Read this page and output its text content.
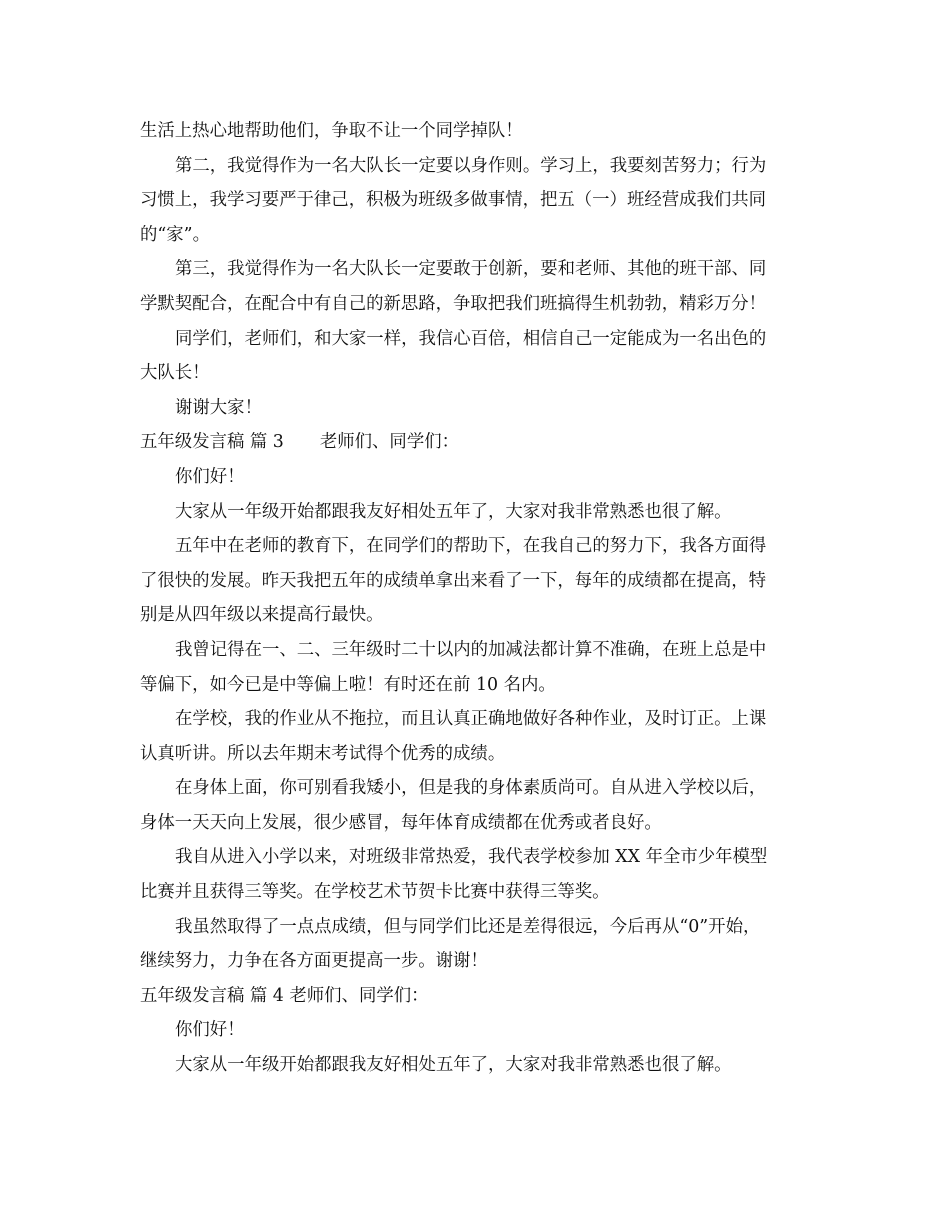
生活上热心地帮助他们，争取不让一个同学掉队！
第二，我觉得作为一名大队长一定要以身作则。学习上，我要刻苦努力；行为
习惯上，我学习要严于律己，积极为班级多做事情，把五（一）班经营成我们共同
的“家”。
第三，我觉得作为一名大队长一定要敢于创新，要和老师、其他的班干部、同
学默契配合，在配合中有自己的新思路，争取把我们班搞得生机勃勃，精彩万分！
同学们，老师们，和大家一样，我信心百倍，相信自己一定能成为一名出色的
大队长！
谢谢大家！
五年级发言稿 篇 3 老师们、同学们：
你们好！
大家从一年级开始都跟我友好相处五年了，大家对我非常熟悉也很了解。
五年中在老师的教育下，在同学们的帮助下，在我自己的努力下，我各方面得
了很快的发展。昨天我把五年的成绩单拿出来看了一下，每年的成绩都在提高，特
别是从四年级以来提高行最快。
我曾记得在一、二、三年级时二十以内的加减法都计算不准确，在班上总是中
等偏下，如今已是中等偏上啦！有时还在前 10 名内。
在学校，我的作业从不拖拉，而且认真正确地做好各种作业，及时订正。上课
认真听讲。所以去年期末考试得个优秀的成绩。
在身体上面，你可别看我矮小，但是我的身体素质尚可。自从进入学校以后，
身体一天天向上发展，很少感冒，每年体育成绩都在优秀或者良好。
我自从进入小学以来，对班级非常热爱，我代表学校参加 XX 年全市少年模型
比赛并且获得三等奖。在学校艺术节贺卡比赛中获得三等奖。
我虽然取得了一点点成绩，但与同学们比还是差得很远，今后再从“0”开始，
继续努力，力争在各方面更提高一步。谢谢！
五年级发言稿 篇 4 老师们、同学们：
你们好！
大家从一年级开始都跟我友好相处五年了，大家对我非常熟悉也很了解。
